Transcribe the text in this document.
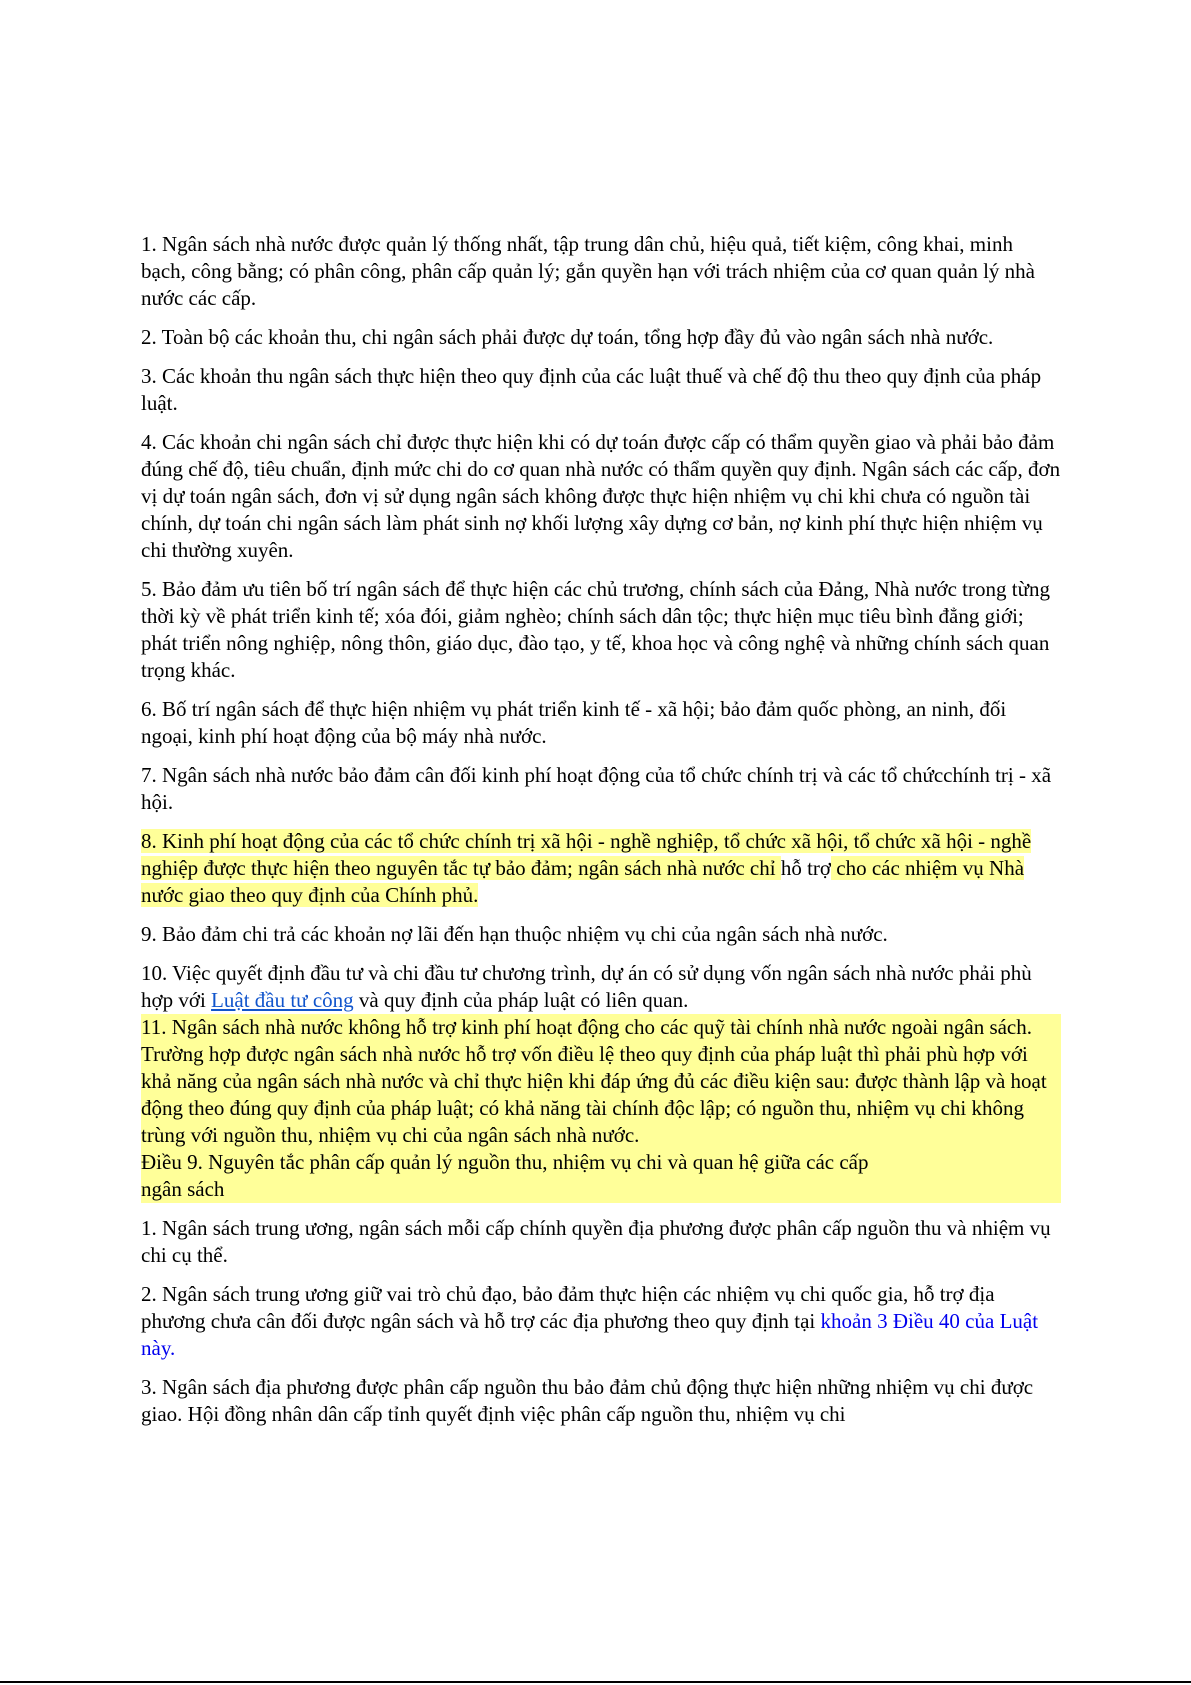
1. Ngân sách nhà nước được quản lý thống nhất, tập trung dân chủ, hiệu quả, tiết kiệm, công khai, minh bạch, công bằng; có phân công, phân cấp quản lý; gắn quyền hạn với trách nhiệm của cơ quan quản lý nhà nước các cấp.

2. Toàn bộ các khoản thu, chi ngân sách phải được dự toán, tổng hợp đầy đủ vào ngân sách nhà nước.

3. Các khoản thu ngân sách thực hiện theo quy định của các luật thuế và chế độ thu theo quy định của pháp luật.

4. Các khoản chi ngân sách chỉ được thực hiện khi có dự toán được cấp có thẩm quyền giao và phải bảo đảm đúng chế độ, tiêu chuẩn, định mức chi do cơ quan nhà nước có thẩm quyền quy định. Ngân sách các cấp, đơn vị dự toán ngân sách, đơn vị sử dụng ngân sách không được thực hiện nhiệm vụ chi khi chưa có nguồn tài chính, dự toán chi ngân sách làm phát sinh nợ khối lượng xây dựng cơ bản, nợ kinh phí thực hiện nhiệm vụ chi thường xuyên.

5. Bảo đảm ưu tiên bố trí ngân sách để thực hiện các chủ trương, chính sách của Đảng, Nhà nước trong từng thời kỳ về phát triển kinh tế; xóa đói, giảm nghèo; chính sách dân tộc; thực hiện mục tiêu bình đẳng giới; phát triển nông nghiệp, nông thôn, giáo dục, đào tạo, y tế, khoa học và công nghệ và những chính sách quan trọng khác.

6. Bố trí ngân sách để thực hiện nhiệm vụ phát triển kinh tế - xã hội; bảo đảm quốc phòng, an ninh, đối ngoại, kinh phí hoạt động của bộ máy nhà nước.

7. Ngân sách nhà nước bảo đảm cân đối kinh phí hoạt động của tổ chức chính trị và các tổ chứcchính trị - xã hội.

8. Kinh phí hoạt động của các tổ chức chính trị xã hội - nghề nghiệp, tổ chức xã hội, tổ chức xã hội - nghề nghiệp được thực hiện theo nguyên tắc tự bảo đảm; ngân sách nhà nước chỉ hỗ trợ cho các nhiệm vụ Nhà nước giao theo quy định của Chính phủ.

9. Bảo đảm chi trả các khoản nợ lãi đến hạn thuộc nhiệm vụ chi của ngân sách nhà nước.

10. Việc quyết định đầu tư và chi đầu tư chương trình, dự án có sử dụng vốn ngân sách nhà nước phải phù hợp với Luật đầu tư công và quy định của pháp luật có liên quan.

11. Ngân sách nhà nước không hỗ trợ kinh phí hoạt động cho các quỹ tài chính nhà nước ngoài ngân sách. Trường hợp được ngân sách nhà nước hỗ trợ vốn điều lệ theo quy định của pháp luật thì phải phù hợp với khả năng của ngân sách nhà nước và chỉ thực hiện khi đáp ứng đủ các điều kiện sau: được thành lập và hoạt động theo đúng quy định của pháp luật; có khả năng tài chính độc lập; có nguồn thu, nhiệm vụ chi không trùng với nguồn thu, nhiệm vụ chi của ngân sách nhà nước.

Điều 9. Nguyên tắc phân cấp quản lý nguồn thu, nhiệm vụ chi và quan hệ giữa các cấp
ngân sách

1. Ngân sách trung ương, ngân sách mỗi cấp chính quyền địa phương được phân cấp nguồn thu và nhiệm vụ chi cụ thể.

2. Ngân sách trung ương giữ vai trò chủ đạo, bảo đảm thực hiện các nhiệm vụ chi quốc gia, hỗ trợ địa phương chưa cân đối được ngân sách và hỗ trợ các địa phương theo quy định tại khoản 3 Điều 40 của Luật này.

3. Ngân sách địa phương được phân cấp nguồn thu bảo đảm chủ động thực hiện những nhiệm vụ chi được giao. Hội đồng nhân dân cấp tỉnh quyết định việc phân cấp nguồn thu, nhiệm vụ chi
